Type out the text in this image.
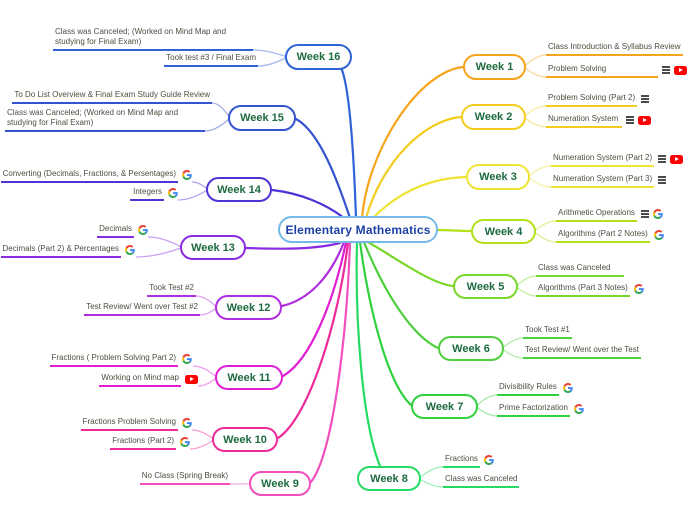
Elementary Mathematics
Week 1
Week 2
Week 3
Week 4
Week 5
Week 6
Week 7
Week 8
Week 9
Week 10
Week 11
Week 12
Week 13
Week 14
Week 15
Week 16
Class Introduction & Syllabus Review
Problem Solving
Problem Solving (Part 2)
Numeration System
Numeration System (Part 2)
Numeration System (Part 3)
Arithmetic Operations
Algorithms (Part 2 Notes)
Class was Canceled
Algorithms (Part 3 Notes)
Took Test #1
Test Review/ Went over the Test
Divisibility Rules
Prime Factorization
Fractions
Class was Canceled
No Class (Spring Break)
Fractions Problem Solving
Fractions (Part 2)
Fractions ( Problem Solving Part 2)
Working on Mind map
Took Test #2
Test Review/ Went over Test #2
Decimals
Decimals (Part 2) & Percentages
Converting (Decimals, Fractions, & Persentages)
Integers
To Do List Overview & Final Exam Study Guide Review
Class was Canceled; (Worked on Mind Map and studying for Final Exam)
Class was Canceled; (Worked on Mind Map and studying for Final Exam)
Took test #3 / Final Exam
